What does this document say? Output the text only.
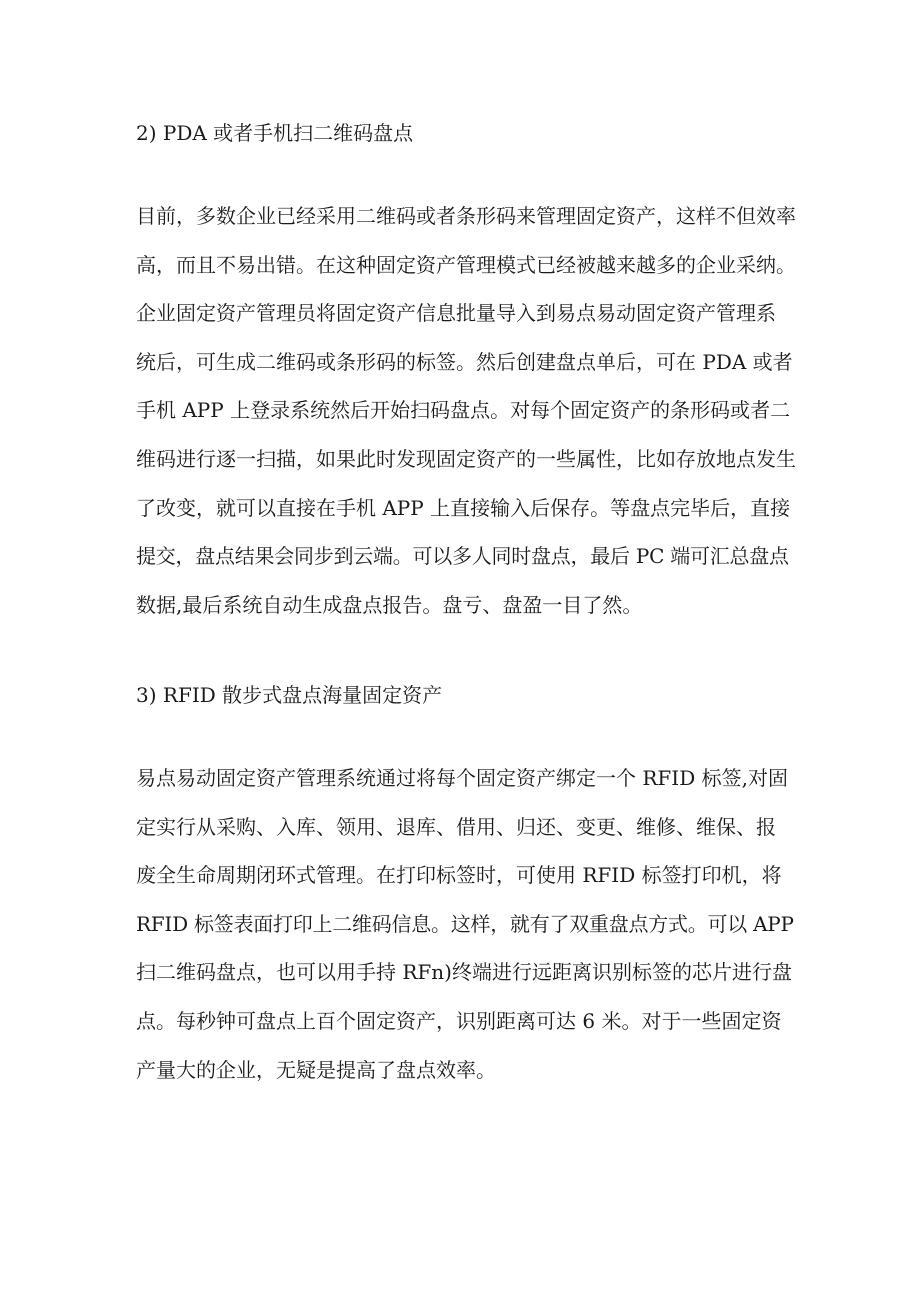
2) PDA 或者手机扫二维码盘点
目前，多数企业已经采用二维码或者条形码来管理固定资产，这样不但效率
高，而且不易出错。在这种固定资产管理模式已经被越来越多的企业采纳。
企业固定资产管理员将固定资产信息批量导入到易点易动固定资产管理系
统后，可生成二维码或条形码的标签。然后创建盘点单后，可在 PDA 或者
手机 APP 上登录系统然后开始扫码盘点。对每个固定资产的条形码或者二
维码进行逐一扫描，如果此时发现固定资产的一些属性，比如存放地点发生
了改变，就可以直接在手机 APP 上直接输入后保存。等盘点完毕后，直接
提交，盘点结果会同步到云端。可以多人同时盘点，最后 PC 端可汇总盘点
数据,最后系统自动生成盘点报告。盘亏、盘盈一目了然。
3) RFID 散步式盘点海量固定资产
易点易动固定资产管理系统通过将每个固定资产绑定一个 RFID 标签,对固
定实行从采购、入库、领用、退库、借用、归还、变更、维修、维保、报
废全生命周期闭环式管理。在打印标签时，可使用 RFID 标签打印机，将
RFID 标签表面打印上二维码信息。这样，就有了双重盘点方式。可以 APP
扫二维码盘点，也可以用手持 RFn)终端进行远距离识别标签的芯片进行盘
点。每秒钟可盘点上百个固定资产，识别距离可达 6 米。对于一些固定资
产量大的企业，无疑是提高了盘点效率。
